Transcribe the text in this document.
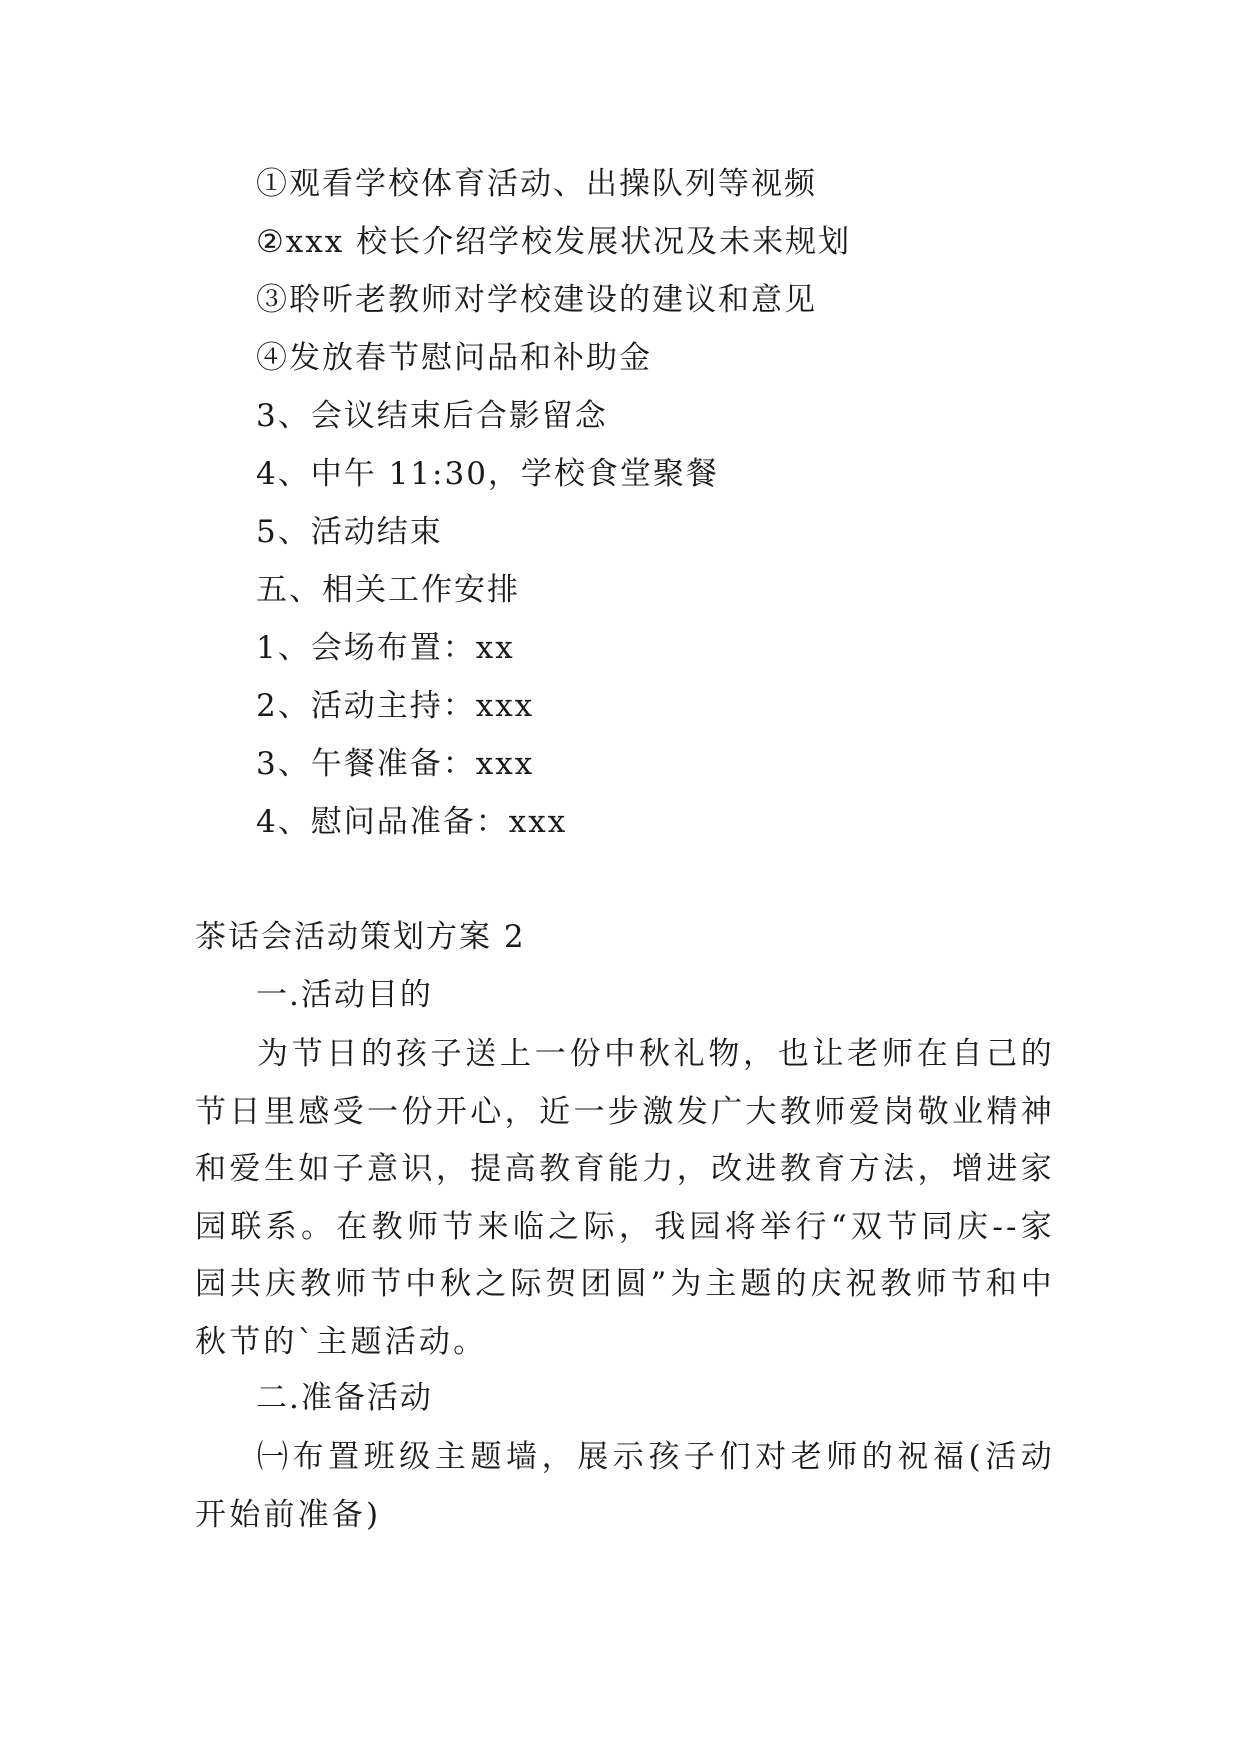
①观看学校体育活动、出操队列等视频
②xxx 校长介绍学校发展状况及未来规划
③聆听老教师对学校建设的建议和意见
④发放春节慰问品和补助金
3、会议结束后合影留念
4、中午 11:30，学校食堂聚餐
5、活动结束
五、相关工作安排
1、会场布置：xx
2、活动主持：xxx
3、午餐准备：xxx
4、慰问品准备：xxx
茶话会活动策划方案 2
一.活动目的
为节日的孩子送上一份中秋礼物，也让老师在自己的节日里感受一份开心，近一步激发广大教师爱岗敬业精神和爱生如子意识，提高教育能力，改进教育方法，增进家园联系。在教师节来临之际，我园将举行“双节同庆--家园共庆教师节中秋之际贺团圆”为主题的庆祝教师节和中秋节的`主题活动。
二.准备活动
㈠布置班级主题墙，展示孩子们对老师的祝福(活动开始前准备)
